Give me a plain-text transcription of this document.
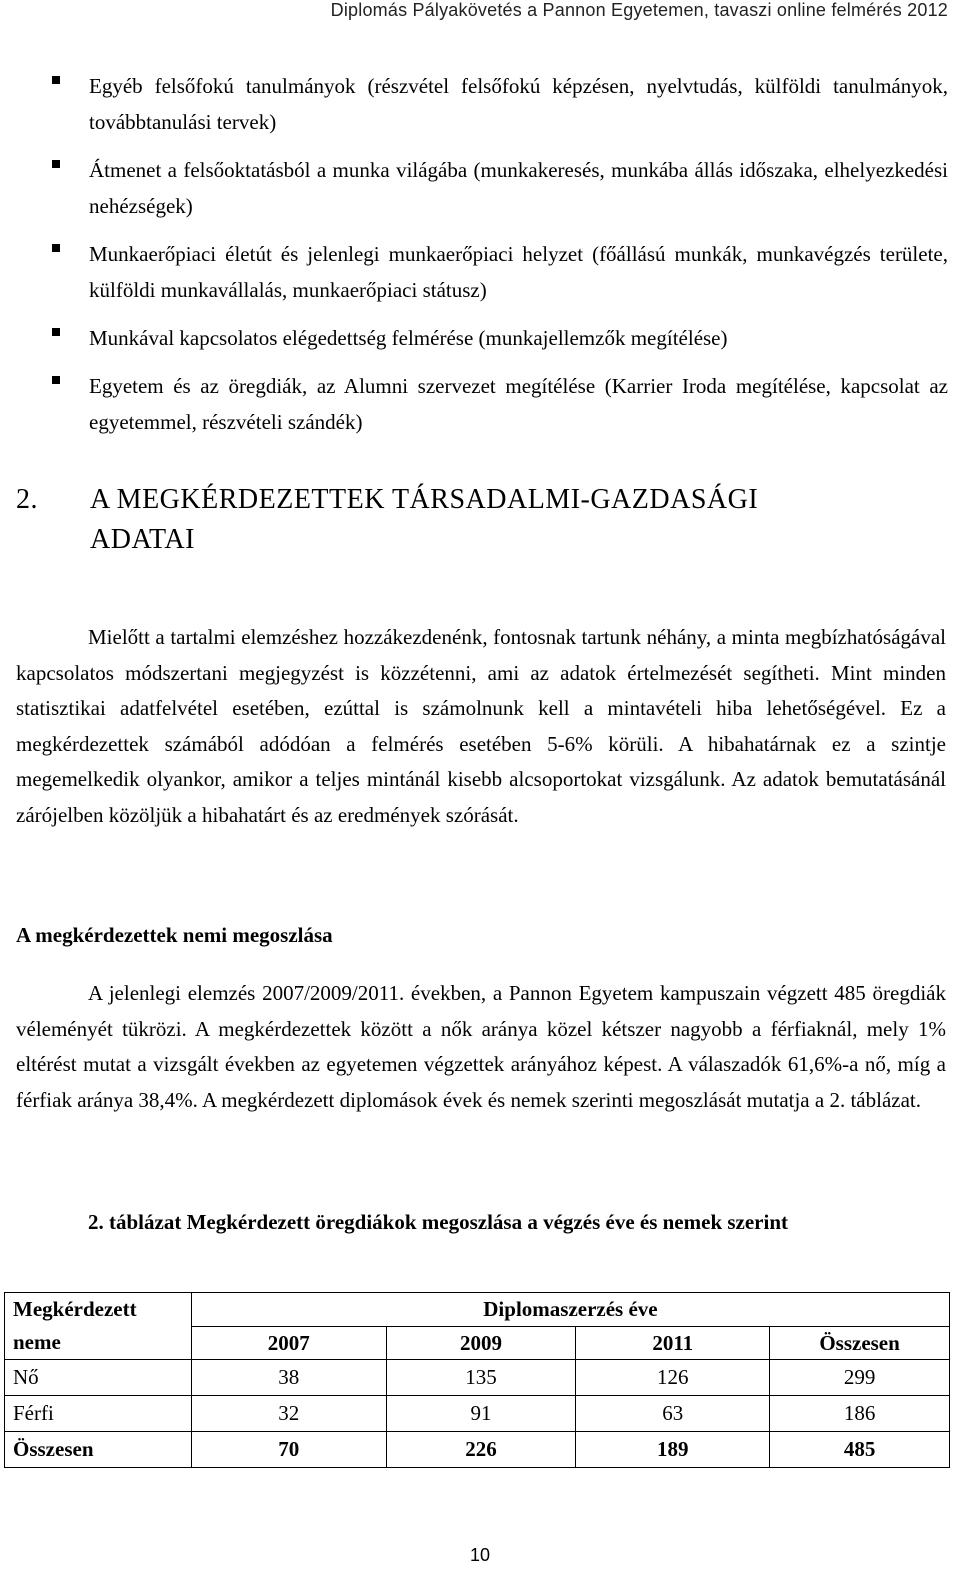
Diplomás Pályakövetés a Pannon Egyetemen, tavaszi online felmérés 2012
Egyéb felsőfokú tanulmányok (részvétel felsőfokú képzésen, nyelvtudás, külföldi tanulmányok, továbbtanulási tervek)
Átmenet a felsőoktatásból a munka világába (munkakeresés, munkába állás időszaka, elhelyezkedési nehézségek)
Munkaerőpiaci életút és jelenlegi munkaerőpiaci helyzet (főállású munkák, munkavégzés területe, külföldi munkavállalás, munkaerőpiaci státusz)
Munkával kapcsolatos elégedettség felmérése (munkajellemzők megítélése)
Egyetem és az öregdiák, az Alumni szervezet megítélése (Karrier Iroda megítélése, kapcsolat az egyetemmel, részvételi szándék)
2. A MEGKÉRDEZETTEK TÁRSADALMI-GAZDASÁGI
ADATAI

Mielőtt a tartalmi elemzéshez hozzákezdenénk, fontosnak tartunk néhány, a minta megbízhatóságával kapcsolatos módszertani megjegyzést is közzétenni, ami az adatok értelmezését segítheti. Mint minden statisztikai adatfelvétel esetében, ezúttal is számolnunk kell a mintavételi hiba lehetőségével. Ez a megkérdezettek számából adódóan a felmérés esetében 5-6% körüli. A hibahatárnak ez a szintje megemelkedik olyankor, amikor a teljes mintánál kisebb alcsoportokat vizsgálunk. Az adatok bemutatásánál zárójelben közöljük a hibahatárt és az eredmények szórását.

A megkérdezettek nemi megoszlása

A jelenlegi elemzés 2007/2009/2011. években, a Pannon Egyetem kampuszain végzett 485 öregdiák véleményét tükrözi. A megkérdezettek között a nők aránya közel kétszer nagyobb a férfiaknál, mely 1% eltérést mutat a vizsgált években az egyetemen végzettek arányához képest. A válaszadók 61,6%-a nő, míg a férfiak aránya 38,4%. A megkérdezett diplomások évek és nemek szerinti megoszlását mutatja a 2. táblázat.

2. táblázat Megkérdezett öregdiákok megoszlása a végzés éve és nemek szerint
Megkérdezett
neme	Diplomaszerzés éve			
	2007	2009	2011	Összesen
Nő	38	135	126	299
Férfi	32	91	63	186
Összesen	70	226	189	485
10
